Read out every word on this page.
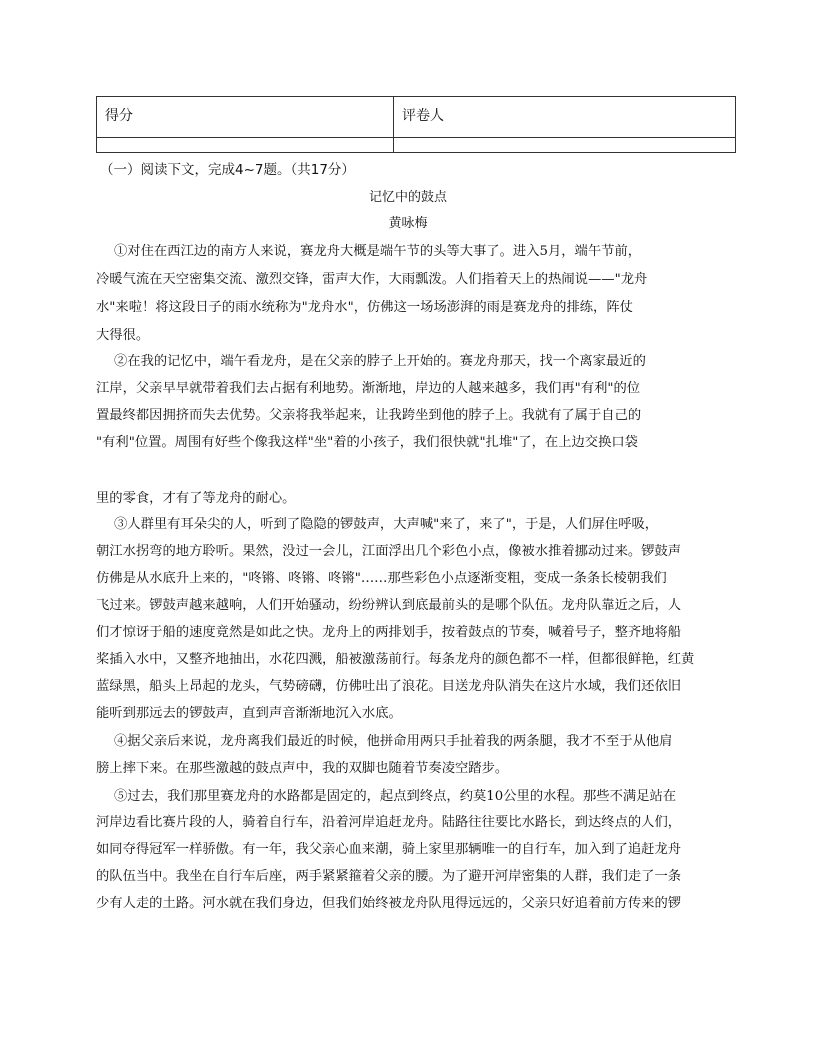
得分	评卷人

（一）阅读下文，完成4~7题。（共17分）
记忆中的鼓点
黄咏梅
①对住在西江边的南方人来说，赛龙舟大概是端午节的头等大事了。进入5月，端午节前，
冷暖气流在天空密集交流、激烈交锋，雷声大作，大雨瓢泼。人们指着天上的热闹说——"龙舟
水"来啦！将这段日子的雨水统称为"龙舟水"，仿佛这一场场澎湃的雨是赛龙舟的排练，阵仗
大得很。
②在我的记忆中，端午看龙舟，是在父亲的脖子上开始的。赛龙舟那天，找一个离家最近的
江岸，父亲早早就带着我们去占据有利地势。渐渐地，岸边的人越来越多，我们再"有利"的位
置最终都因拥挤而失去优势。父亲将我举起来，让我跨坐到他的脖子上。我就有了属于自己的
"有利"位置。周围有好些个像我这样"坐"着的小孩子，我们很快就"扎堆"了，在上边交换口袋
里的零食，才有了等龙舟的耐心。
③人群里有耳朵尖的人，听到了隐隐的锣鼓声，大声喊"来了，来了"，于是，人们屏住呼吸，
朝江水拐弯的地方聆听。果然，没过一会儿，江面浮出几个彩色小点，像被水推着挪动过来。锣鼓声
仿佛是从水底升上来的，"咚锵、咚锵、咚锵"……那些彩色小点逐渐变粗，变成一条条长棱朝我们
飞过来。锣鼓声越来越响，人们开始骚动，纷纷辨认到底最前头的是哪个队伍。龙舟队靠近之后，人
们才惊讶于船的速度竟然是如此之快。龙舟上的两排划手，按着鼓点的节奏，喊着号子，整齐地将船
桨插入水中，又整齐地抽出，水花四溅，船被激荡前行。每条龙舟的颜色都不一样，但都很鲜艳，红黄
蓝绿黑，船头上昂起的龙头，气势磅礴，仿佛吐出了浪花。目送龙舟队消失在这片水域，我们还依旧
能听到那远去的锣鼓声，直到声音渐渐地沉入水底。
④据父亲后来说，龙舟离我们最近的时候，他拼命用两只手扯着我的两条腿，我才不至于从他肩
膀上摔下来。在那些激越的鼓点声中，我的双脚也随着节奏凌空踏步。
⑤过去，我们那里赛龙舟的水路都是固定的，起点到终点，约莫10公里的水程。那些不满足站在
河岸边看比赛片段的人，骑着自行车，沿着河岸追赶龙舟。陆路往往要比水路长，到达终点的人们，
如同夺得冠军一样骄傲。有一年，我父亲心血来潮，骑上家里那辆唯一的自行车，加入到了追赶龙舟
的队伍当中。我坐在自行车后座，两手紧紧箍着父亲的腰。为了避开河岸密集的人群，我们走了一条
少有人走的土路。河水就在我们身边，但我们始终被龙舟队甩得远远的，父亲只好追着前方传来的锣
